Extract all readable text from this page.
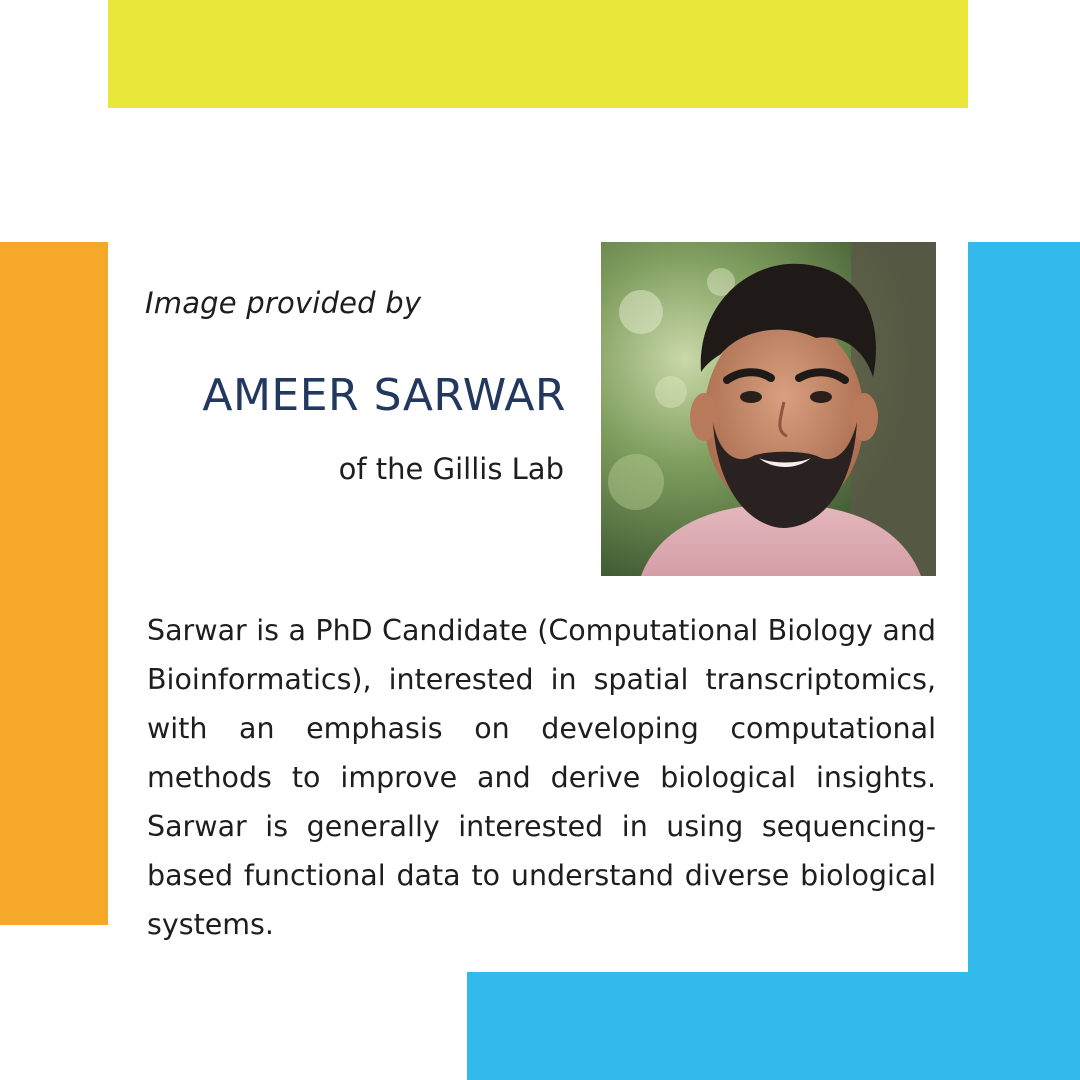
Image provided by
AMEER SARWAR
of the Gillis Lab

Sarwar is a PhD Candidate (Computational Biology and Bioinformatics), interested in spatial transcriptomics, with an emphasis on developing computational methods to improve and derive biological insights. Sarwar is generally interested in using sequencing-based functional data to understand diverse biological systems.
